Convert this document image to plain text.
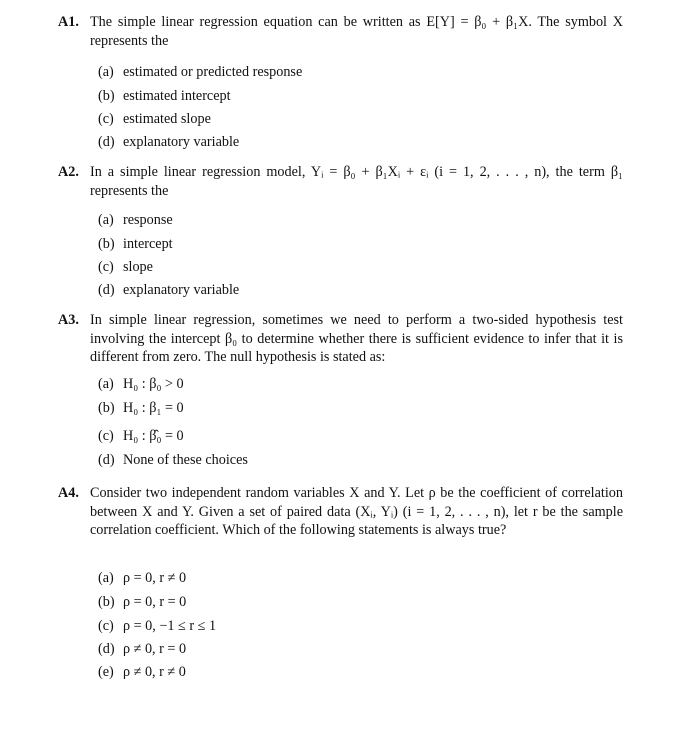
A1. The simple linear regression equation can be written as E[Y] = β₀ + β₁X. The symbol X represents the
(a) estimated or predicted response
(b) estimated intercept
(c) estimated slope
(d) explanatory variable
A2. In a simple linear regression model, Yᵢ = β₀ + β₁Xᵢ + εᵢ (i = 1, 2, . . . , n), the term β₁ represents the
(a) response
(b) intercept
(c) slope
(d) explanatory variable
A3. In simple linear regression, sometimes we need to perform a two-sided hypothesis test involving the intercept β₀ to determine whether there is sufficient evidence to infer that it is different from zero. The null hypothesis is stated as:
(a) H₀ : β₀ > 0
(b) H₀ : β₁ = 0
(c) H₀ : β̂₀ = 0
(d) None of these choices
A4. Consider two independent random variables X and Y. Let ρ be the coefficient of correlation between X and Y. Given a set of paired data (Xᵢ, Yᵢ) (i = 1, 2, . . . , n), let r be the sample correlation coefficient. Which of the following statements is always true?
(a) ρ = 0, r ≠ 0
(b) ρ = 0, r = 0
(c) ρ = 0, −1 ≤ r ≤ 1
(d) ρ ≠ 0, r = 0
(e) ρ ≠ 0, r ≠ 0
